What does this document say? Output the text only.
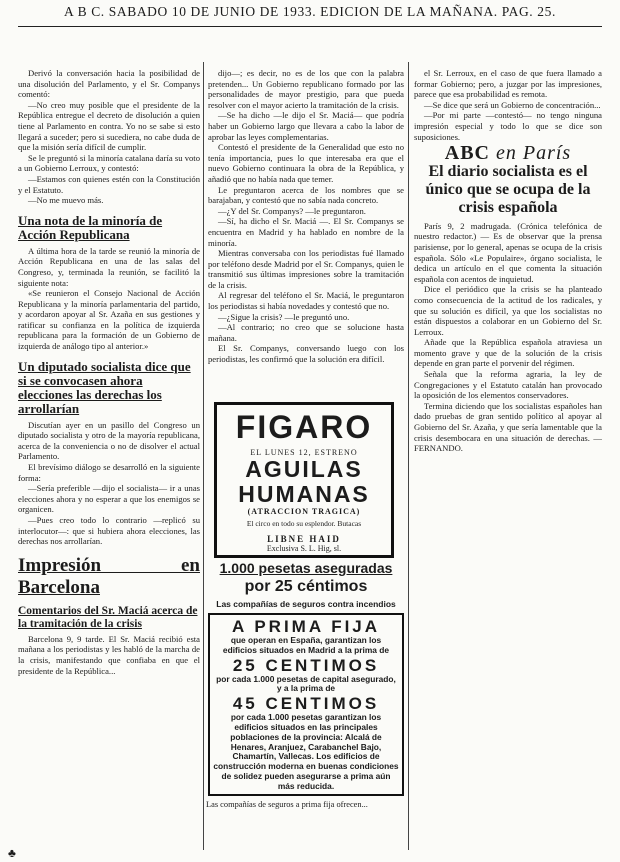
A B C. SABADO 10 DE JUNIO DE 1933. EDICION DE LA MAÑANA. PAG. 25.

Derivó la conversación hacia la posibilidad de una disolución del Parlamento, y el Sr. Companys comentó:

—No creo muy posible que el presidente de la República entregue el decreto de disolución a quien tiene al Parlamento en contra. Yo no se sabe si esto llegará a suceder; pero si sucediera, no cabe duda de que la misión sería difícil de cumplir.

Se le preguntó si la minoría catalana daría su voto a un Gobierno Lerroux, y contestó:

—Estamos con quienes estén con la Constitución y el Estatuto.

—No me muevo más.

Una nota de la minoría de Acción Republicana

A última hora de la tarde se reunió la minoría de Acción Republicana en una de las salas del Congreso, y, terminada la reunión, se facilitó la siguiente nota:

«Se reunieron el Consejo Nacional de Acción Republicana y la minoría parlamentaria del partido, y acordaron apoyar al Sr. Azaña en sus gestiones y ratificar su confianza en la política de izquierda republicana para la formación de un Gobierno de izquierda de análogo tipo al anterior.»

Un diputado socialista dice que si se convocasen ahora elecciones las derechas los arrollarían

Discutían ayer en un pasillo del Congreso un diputado socialista y otro de la mayoría republicana, acerca de la conveniencia o no de disolver el actual Parlamento.

El brevísimo diálogo se desarrolló en la siguiente forma:

—Sería preferible —dijo el socialista— ir a unas elecciones ahora y no esperar a que los enemigos se organicen.

—Pues creo todo lo contrario —replicó su interlocutor—: que si hubiera ahora elecciones, las derechas nos arrollarían.

Impresión en Barcelona
Comentarios del Sr. Maciá acerca de la tramitación de la crisis

Barcelona 9, 9 tarde. El Sr. Maciá recibió esta mañana a los periodistas y les habló de la marcha de la crisis, manifestando que confiaba en que el presidente de la República...

dijo—; es decir, no es de los que con la palabra pretenden... Un Gobierno republicano formado por las personalidades de mayor prestigio, para que pueda resolver con el mayor acierto la tramitación de la crisis.

—Se ha dicho —le dijo el Sr. Maciá— que podría haber un Gobierno largo que llevara a cabo la labor de aprobar las leyes complementarias.

Contestó el presidente de la Generalidad que esto no tenía importancia, pues lo que interesaba era que el nuevo Gobierno continuara la obra de la República, y añadió que no había nada que temer.

Le preguntaron acerca de los nombres que se barajaban, y contestó que no sabía nada concreto.

—¿Y del Sr. Companys? —le preguntaron.

—Sí, ha dicho el Sr. Maciá —. El Sr. Companys se encuentra en Madrid y ha hablado en nombre de la minoría.

Mientras conversaba con los periodistas fué llamado por teléfono desde Madrid por el Sr. Companys, quien le transmitió sus últimas impresiones sobre la tramitación de la crisis.

Al regresar del teléfono el Sr. Maciá, le preguntaron los periodistas si había novedades y contestó que no.

—¿Sigue la crisis? —le preguntó uno.

—Al contrario; no creo que se solucione hasta mañana.

El Sr. Companys, conversando luego con los periodistas, les confirmó que la solución era difícil.

FIGARO
EL LUNES 12, ESTRENO
AGUILAS HUMANAS
(ATRACCION TRAGICA)
El circo en todo su esplendor. Butacas
LIBNE HAID
Exclusiva S. L. Hig, sl.
1.000 pesetas aseguradas
por 25 céntimos
Las compañías de seguros contra incendios
A PRIMA FIJA
que operan en España, garantizan los edificios situados en Madrid a la prima de
25 CENTIMOS
por cada 1.000 pesetas de capital asegurado, y a la prima de
45 CENTIMOS
por cada 1.000 pesetas garantizan los edificios situados en las principales poblaciones de la provincia: Alcalá de Henares, Aranjuez, Carabanchel Bajo, Chamartín, Vallecas. Los edificios de construcción moderna en buenas condiciones de solidez pueden asegurarse a prima aún más reducida.
Las compañías de seguros a prima fija ofrecen...

el Sr. Lerroux, en el caso de que fuera llamado a formar Gobierno; pero, a juzgar por las impresiones, parece que esa probabilidad es remota.

—Se dice que será un Gobierno de concentración...

—Por mi parte —contestó— no tengo ninguna impresión especial y todo lo que se dice son suposiciones.

ABC en París
El diario socialista es el único que se ocupa de la crisis española

París 9, 2 madrugada. (Crónica telefónica de nuestro redactor.) — Es de observar que la prensa parisiense, por lo general, apenas se ocupa de la crisis española. Sólo «Le Populaire», órgano socialista, le dedica un artículo en el que comenta la situación española con acentos de inquietud.

Dice el periódico que la crisis se ha planteado como consecuencia de la actitud de los radicales, y que su solución es difícil, ya que los socialistas no están dispuestos a colaborar en un Gobierno del Sr. Lerroux.

Añade que la República española atraviesa un momento grave y que de la solución de la crisis depende en gran parte el porvenir del régimen.

Señala que la reforma agraria, la ley de Congregaciones y el Estatuto catalán han provocado la oposición de los elementos conservadores.

Termina diciendo que los socialistas españoles han dado pruebas de gran sentido político al apoyar al Gobierno del Sr. Azaña, y que sería lamentable que la crisis desembocara en una situación de derechas. — FERNANDO.

♣
